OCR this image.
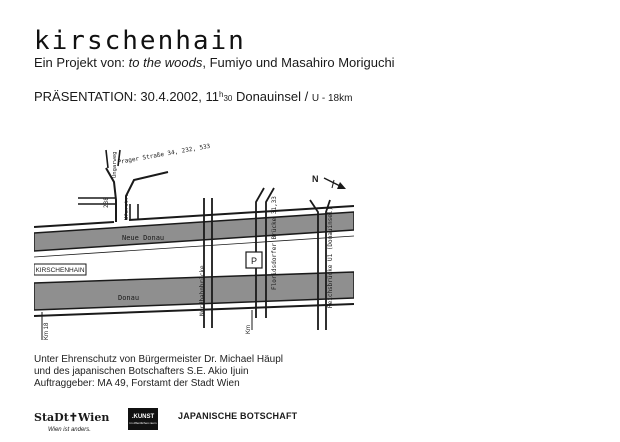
kirschenhain
Ein Projekt von: to the woods, Fumiyo und Masahiro Moriguchi
PRÄSENTATION: 30.4.2002, 11$^h$30 Donauinsel / U - 18km
P
Km 18	Km
KIRSCHENHAIN
Neue Donau
Donau
Prager Straße 34, 232, 533
Ungarweg
238	Uferstr.
Nordbahnbrücke
Floridsdorfer Brücke 31,33	Reichsbrücke U1 (Donauinsel)
N
Unter Ehrenschutz von Bürgermeister Dr. Michael Häupl
und des japanischen Botschafters S.E. Akio Ijuin
Auftraggeber: MA 49, Forstamt der Stadt Wien
StaDt✝Wien
Wien ist anders.
.KUNST
im öffentlichen raum
JAPANISCHE BOTSCHAFT
